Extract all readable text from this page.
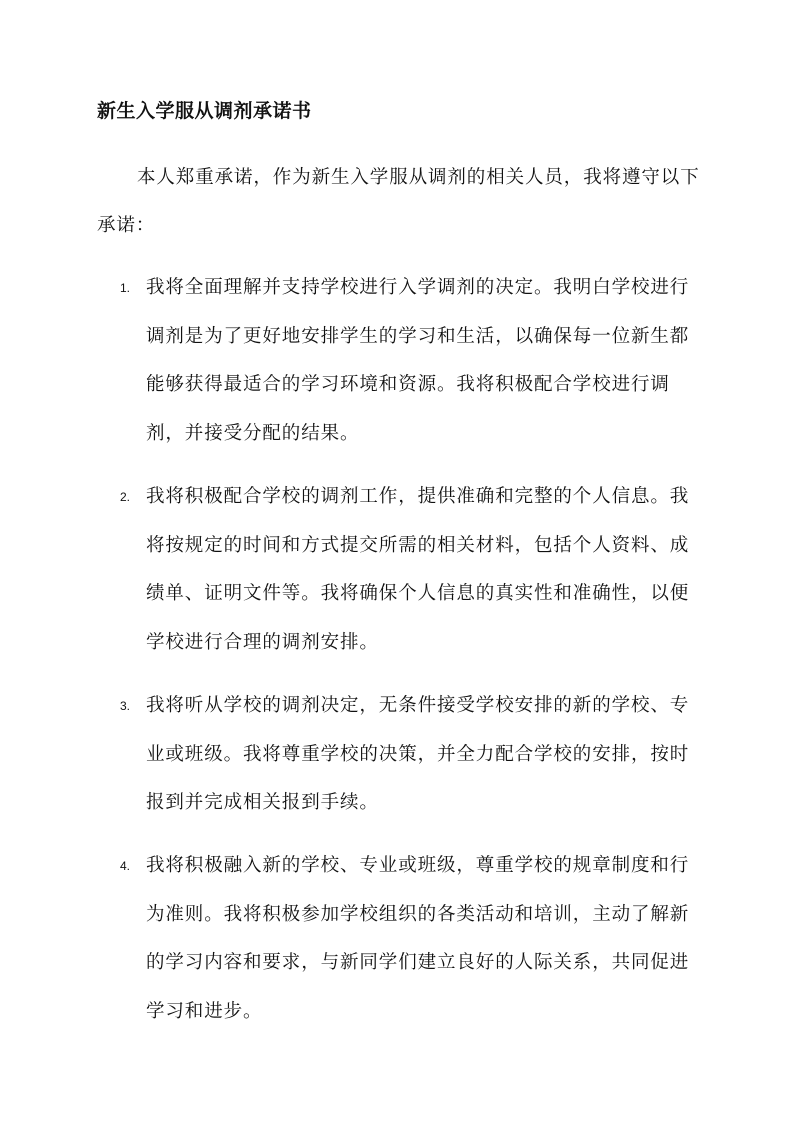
新生入学服从调剂承诺书
本人郑重承诺，作为新生入学服从调剂的相关人员，我将遵守以下承诺：
1. 我将全面理解并支持学校进行入学调剂的决定。我明白学校进行调剂是为了更好地安排学生的学习和生活，以确保每一位新生都能够获得最适合的学习环境和资源。我将积极配合学校进行调剂，并接受分配的结果。
2. 我将积极配合学校的调剂工作，提供准确和完整的个人信息。我将按规定的时间和方式提交所需的相关材料，包括个人资料、成绩单、证明文件等。我将确保个人信息的真实性和准确性，以便学校进行合理的调剂安排。
3. 我将听从学校的调剂决定，无条件接受学校安排的新的学校、专业或班级。我将尊重学校的决策，并全力配合学校的安排，按时报到并完成相关报到手续。
4. 我将积极融入新的学校、专业或班级，尊重学校的规章制度和行为准则。我将积极参加学校组织的各类活动和培训，主动了解新的学习内容和要求，与新同学们建立良好的人际关系，共同促进学习和进步。
